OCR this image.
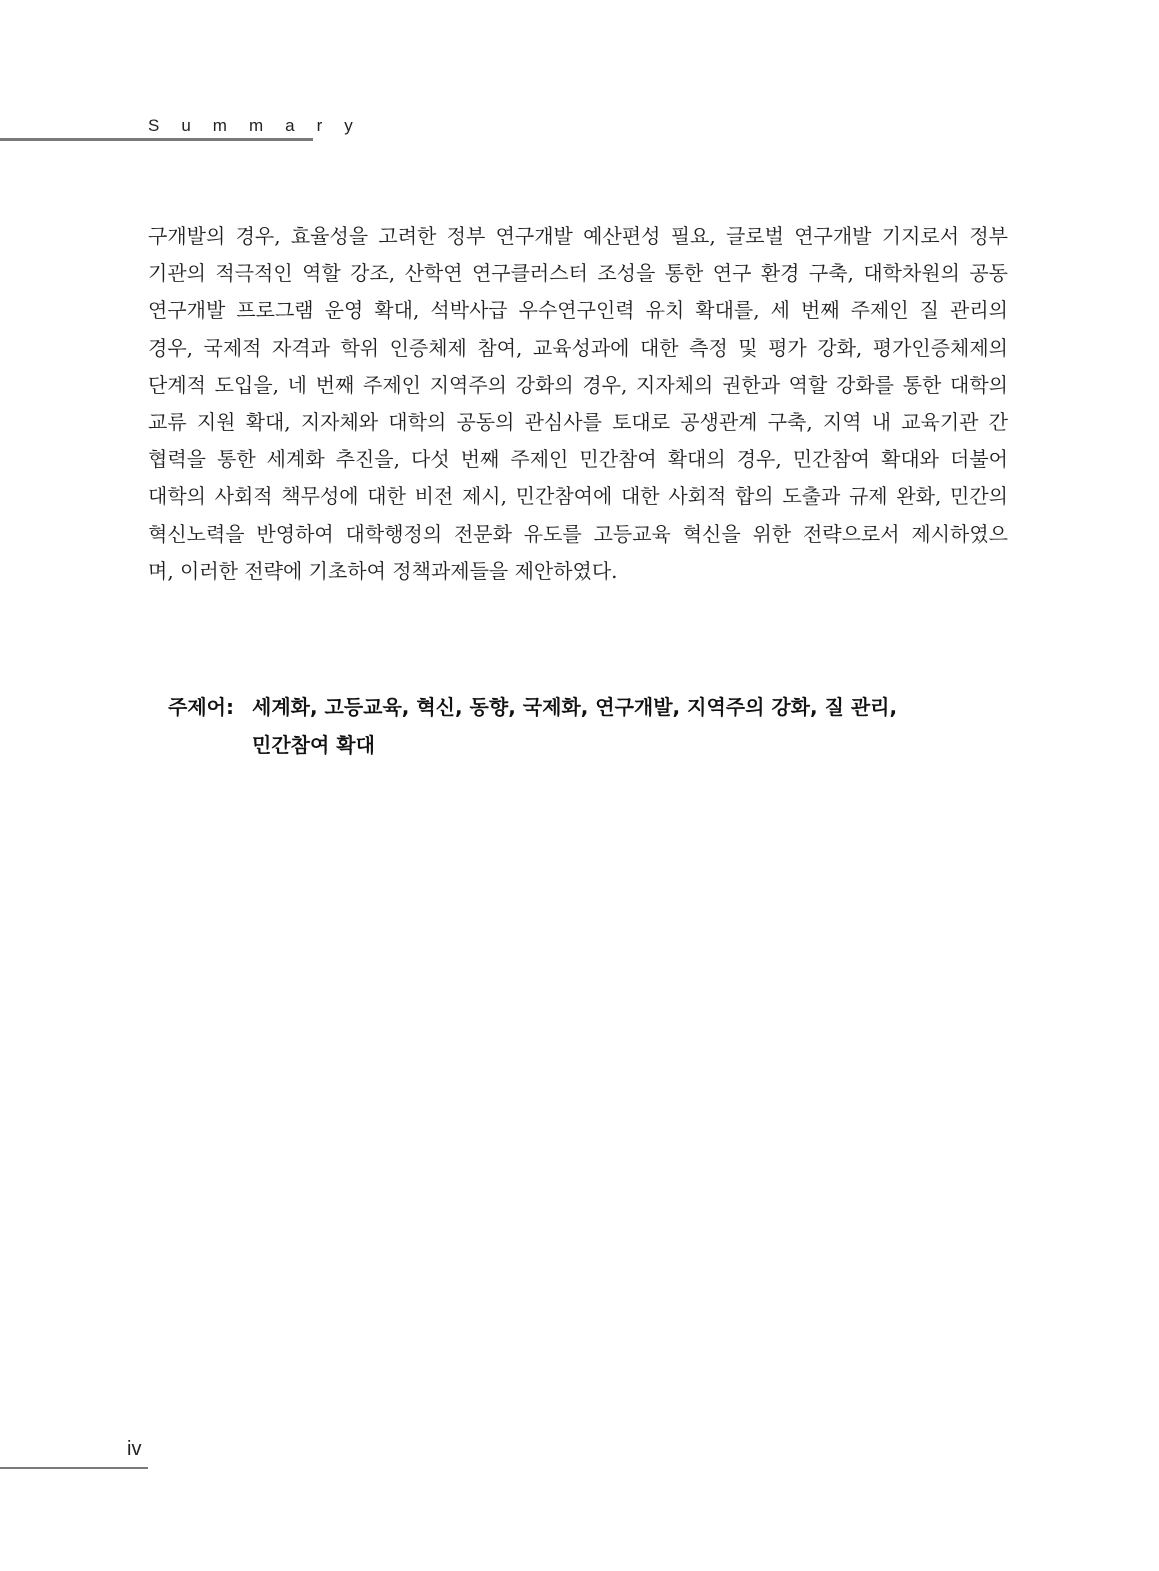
Summary
구개발의 경우, 효율성을 고려한 정부 연구개발 예산편성 필요, 글로벌 연구개발 기지로서 정부
기관의 적극적인 역할 강조, 산학연 연구클러스터 조성을 통한 연구 환경 구축, 대학차원의 공동
연구개발 프로그램 운영 확대, 석박사급 우수연구인력 유치 확대를, 세 번째 주제인 질 관리의
경우, 국제적 자격과 학위 인증체제 참여, 교육성과에 대한 측정 및 평가 강화, 평가인증체제의
단계적 도입을, 네 번째 주제인 지역주의 강화의 경우, 지자체의 권한과 역할 강화를 통한 대학의
교류 지원 확대, 지자체와 대학의 공동의 관심사를 토대로 공생관계 구축, 지역 내 교육기관 간
협력을 통한 세계화 추진을, 다섯 번째 주제인 민간참여 확대의 경우, 민간참여 확대와 더불어
대학의 사회적 책무성에 대한 비전 제시, 민간참여에 대한 사회적 합의 도출과 규제 완화, 민간의
혁신노력을 반영하여 대학행정의 전문화 유도를 고등교육 혁신을 위한 전략으로서 제시하였으
며, 이러한 전략에 기초하여 정책과제들을 제안하였다.
주제어: 세계화, 고등교육, 혁신, 동향, 국제화, 연구개발, 지역주의 강화, 질 관리,
민간참여 확대
iv
